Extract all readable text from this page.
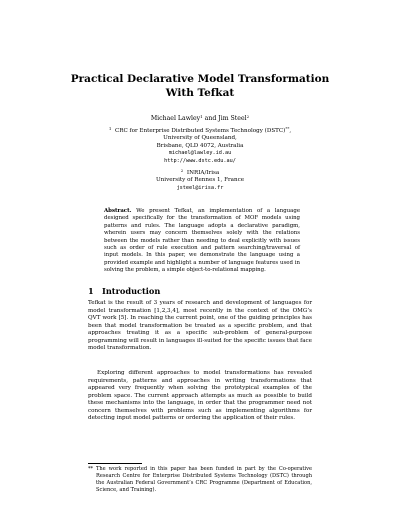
Practical Declarative Model Transformation With Tefkat
Michael Lawley$^1$ and Jim Steel$^2$
$^1$ CRC for Enterprise Distributed Systems Technology (DSTC)**,
University of Queensland,
Brisbane, QLD 4072, Australia
michael@lawley.id.au
http://www.dstc.edu.au/
$^2$ INRIA/Irisa
University of Rennes 1, France
jsteel@irisa.fr
Abstract. We present Tefkat, an implementation of a language designed specifically for the transformation of MOF models using patterns and rules. The language adopts a declarative paradigm, wherein users may concern themselves solely with the relations between the models rather than needing to deal explicitly with issues such as order of rule execution and pattern searching/traversal of input models. In this paper, we demonstrate the language using a provided example and highlight a number of language features used in solving the problem, a simple object-to-relational mapping.
1 Introduction
Tefkat is the result of 3 years of research and development of languages for model transformation [1,2,3,4], most recently in the context of the OMG’s QVT work [5]. In reaching the current point, one of the guiding principles has been that model transformation be treated as a specific problem, and that approaches treating it as a specific sub-problem of general-purpose programming will result in languages ill-suited for the specific issues that face model transformation.
Exploring different approaches to model transformations has revealed requirements, patterns and approaches in writing transformations that appeared very frequently when solving the prototypical examples of the problem space. The current approach attempts as much as possible to build these mechanisms into the language, in order that the programmer need not concern themselves with problems such as implementing algorithms for detecting input model patterns or ordering the application of their rules.
** The work reported in this paper has been funded in part by the Co-operative Research Centre for Enterprise Distributed Systems Technology (DSTC) through the Australian Federal Government’s CRC Programme (Department of Education, Science, and Training).
